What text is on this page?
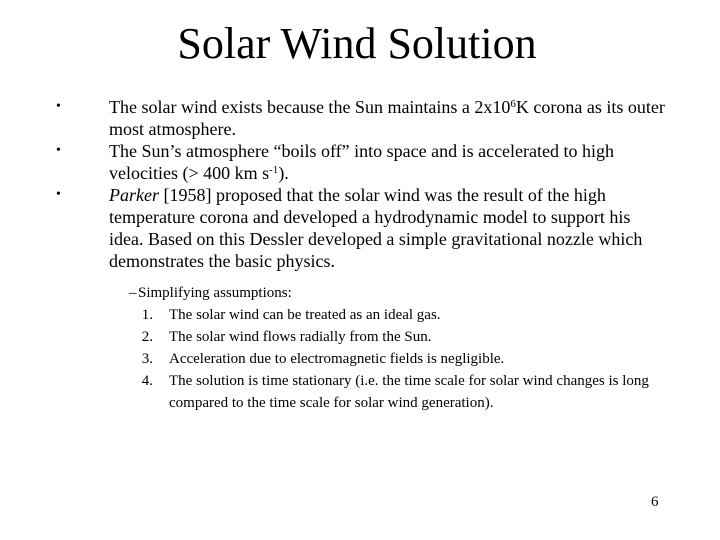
Solar Wind Solution
•	The solar wind exists because the Sun maintains a $2x10^6K$ corona as its outer most atmosphere.
•	The Sun’s atmosphere “boils off” into space and is accelerated to high velocities (> 400 km $s^{-1}$).
•	Parker [1958] proposed that the solar wind was the result of the high temperature corona and developed a hydrodynamic model to support his idea. Based on this Dessler developed a simple gravitational nozzle which demonstrates the basic physics.
– Simplifying assumptions:
1. The solar wind can be treated as an ideal gas.
2. The solar wind flows radially from the Sun.
3. Acceleration due to electromagnetic fields is negligible.
4. The solution is time stationary (i.e. the time scale for solar wind changes is long compared to the time scale for solar wind generation).
6
